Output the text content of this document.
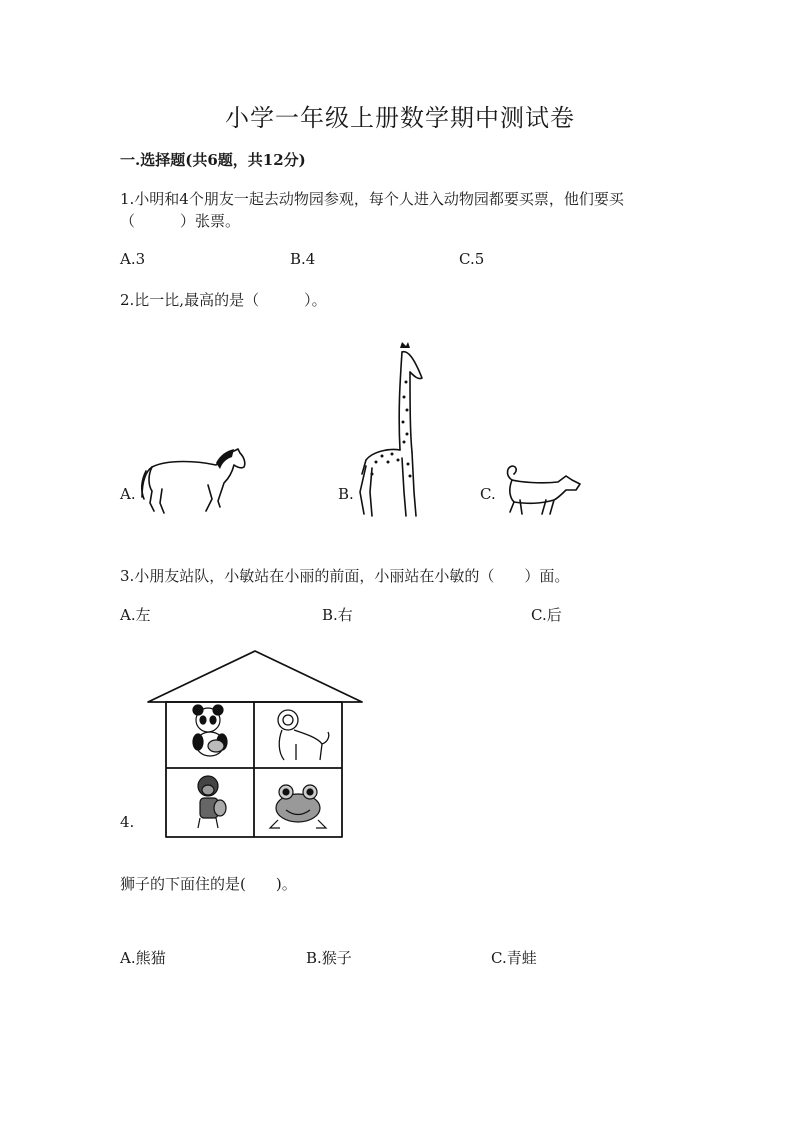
小学一年级上册数学期中测试卷
一.选择题(共6题，共12分)
1.小明和4个朋友一起去动物园参观，每个人进入动物园都要买票，他们要买
（　　　）张票。
A.3	B.4	C.5
2.比一比,最高的是（　　　）。
A.	B.	C.
3.小朋友站队，小敏站在小丽的前面，小丽站在小敏的（　　）面。
A.左	B.右	C.后
4.
狮子的下面住的是(　　)。
A.熊猫	B.猴子	C.青蛙
